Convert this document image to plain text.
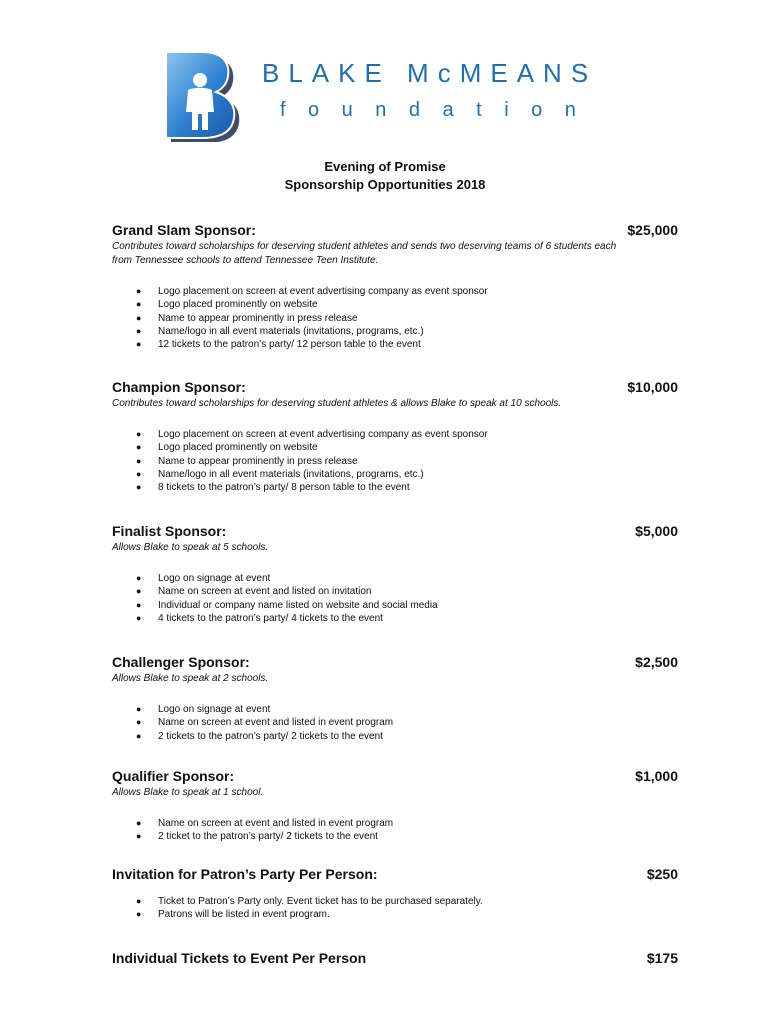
BLAKE McMEANS
foundation
Evening of Promise
Sponsorship Opportunities 2018
Grand Slam Sponsor:	$25,000
Contributes toward scholarships for deserving student athletes and sends two deserving teams of 6 students each from Tennessee schools to attend Tennessee Teen Institute.
● Logo placement on screen at event advertising company as event sponsor
● Logo placed prominently on website
● Name to appear prominently in press release
● Name/logo in all event materials (invitations, programs, etc.)
● 12 tickets to the patron’s party/ 12 person table to the event
Champion Sponsor:	$10,000
Contributes toward scholarships for deserving student athletes & allows Blake to speak at 10 schools.
● Logo placement on screen at event advertising company as event sponsor
● Logo placed prominently on website
● Name to appear prominently in press release
● Name/logo in all event materials (invitations, programs, etc.)
● 8 tickets to the patron’s party/ 8 person table to the event
Finalist Sponsor:	$5,000
Allows Blake to speak at 5 schools.
● Logo on signage at event
● Name on screen at event and listed on invitation
● Individual or company name listed on website and social media
● 4 tickets to the patron’s party/ 4 tickets to the event
Challenger Sponsor:	$2,500
Allows Blake to speak at 2 schools.
● Logo on signage at event
● Name on screen at event and listed in event program
● 2 tickets to the patron’s party/ 2 tickets to the event
Qualifier Sponsor:	$1,000
Allows Blake to speak at 1 school.
● Name on screen at event and listed in event program
● 2 ticket to the patron’s party/ 2 tickets to the event
Invitation for Patron’s Party Per Person:	$250
● Ticket to Patron’s Party only. Event ticket has to be purchased separately.
● Patrons will be listed in event program.
Individual Tickets to Event Per Person	$175
